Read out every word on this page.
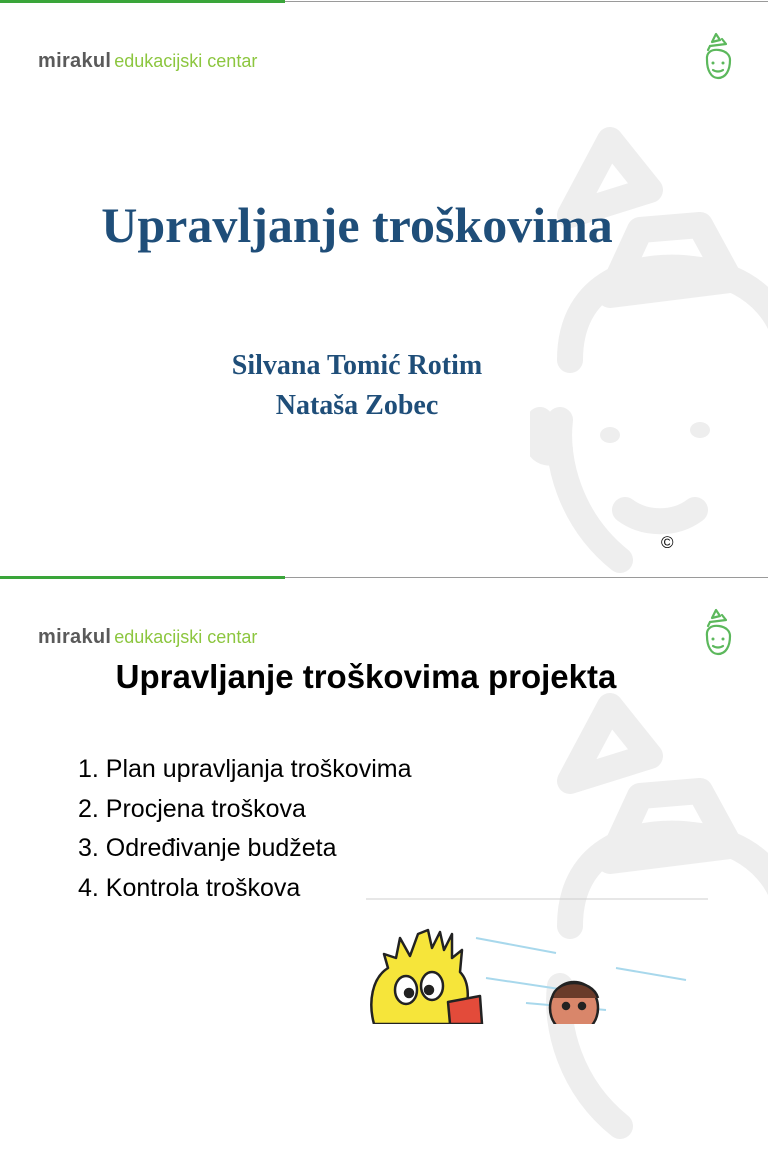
mirakul edukacijski centar
Upravljanje troškovima
Silvana Tomić Rotim
Nataša Zobec
©
mirakul edukacijski centar
Upravljanje troškovima projekta
1. Plan upravljanja troškovima
2. Procjena troškova
3. Određivanje budžeta
4. Kontrola troškova
